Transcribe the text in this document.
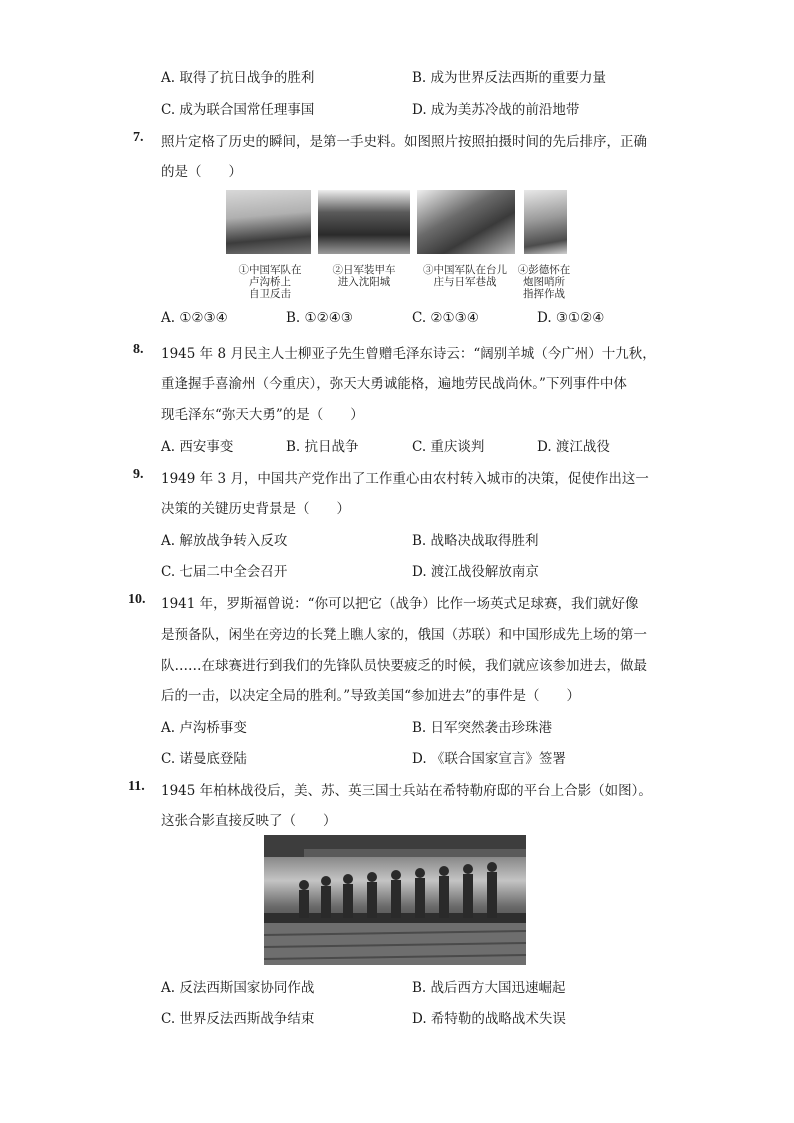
A. 取得了抗日战争的胜利	B. 成为世界反法西斯的重要力量
C. 成为联合国常任理事国	D. 成为美苏冷战的前沿地带
7. 照片定格了历史的瞬间，是第一手史料。如图照片按照拍摄时间的先后排序，正确
的是（　　）
①中国军队在
卢沟桥上
自卫反击
②日军装甲车
进入沈阳城
③中国军队在台儿
庄与日军巷战
④彭德怀在
炮图哨所
指挥作战
A. ①②③④	B. ①②④③	C. ②①③④	D. ③①②④
8. 1945 年 8 月民主人士柳亚子先生曾赠毛泽东诗云：“阔别羊城（今广州）十九秋，
重逢握手喜渝州（今重庆），弥天大勇诚能格，遍地劳民战尚休。”下列事件中体
现毛泽东“弥天大勇”的是（　　）
A. 西安事变	B. 抗日战争	C. 重庆谈判	D. 渡江战役
9. 1949 年 3 月，中国共产党作出了工作重心由农村转入城市的决策，促使作出这一
决策的关键历史背景是（　　）
A. 解放战争转入反攻	B. 战略决战取得胜利
C. 七届二中全会召开	D. 渡江战役解放南京
10. 1941 年，罗斯福曾说：“你可以把它（战争）比作一场英式足球赛，我们就好像
是预备队，闲坐在旁边的长凳上瞧人家的，俄国（苏联）和中国形成先上场的第一
队……在球赛进行到我们的先锋队员快要疲乏的时候，我们就应该参加进去，做最
后的一击，以决定全局的胜利。”导致美国“参加进去”的事件是（　　）
A. 卢沟桥事变	B. 日军突然袭击珍珠港
C. 诺曼底登陆	D. 《联合国家宣言》签署
11. 1945 年柏林战役后，美、苏、英三国士兵站在希特勒府邸的平台上合影（如图）。
这张合影直接反映了（　　）
A. 反法西斯国家协同作战	B. 战后西方大国迅速崛起
C. 世界反法西斯战争结束	D. 希特勒的战略战术失误
